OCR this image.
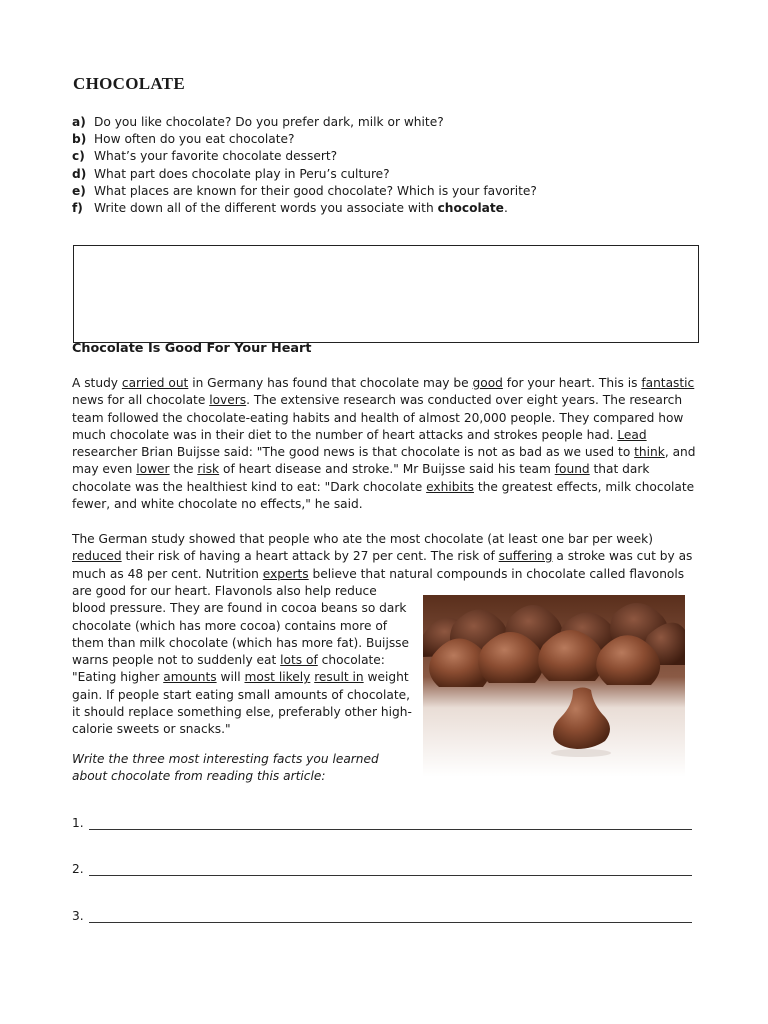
CHOCOLATE
a) Do you like chocolate? Do you prefer dark, milk or white?
b) How often do you eat chocolate?
c) What’s your favorite chocolate dessert?
d) What part does chocolate play in Peru’s culture?
e) What places are known for their good chocolate? Which is your favorite?
f) Write down all of the different words you associate with chocolate.
Chocolate Is Good For Your Heart

A study carried out in Germany has found that chocolate may be good for your heart. This is fantastic news for all chocolate lovers. The extensive research was conducted over eight years. The research team followed the chocolate-eating habits and health of almost 20,000 people. They compared how much chocolate was in their diet to the number of heart attacks and strokes people had. Lead researcher Brian Buijsse said: "The good news is that chocolate is not as bad as we used to think, and may even lower the risk of heart disease and stroke." Mr Buijsse said his team found that dark chocolate was the healthiest kind to eat: "Dark chocolate exhibits the greatest effects, milk chocolate fewer, and white chocolate no effects," he said.

The German study showed that people who ate the most chocolate (at least one bar per week) reduced their risk of having a heart attack by 27 per cent. The risk of suffering a stroke was cut by as much as 48 per cent. Nutrition experts believe that natural compounds in chocolate called flavonols

are good for our heart. Flavonols also help reduce blood pressure. They are found in cocoa beans so dark chocolate (which has more cocoa) contains more of them than milk chocolate (which has more fat). Buijsse warns people not to suddenly eat lots of chocolate: "Eating higher amounts will most likely result in weight gain. If people start eating small amounts of chocolate, it should replace something else, preferably other high-calorie sweets or snacks."

Write the three most interesting facts you learned about chocolate from reading this article:
1.
2.
3.
